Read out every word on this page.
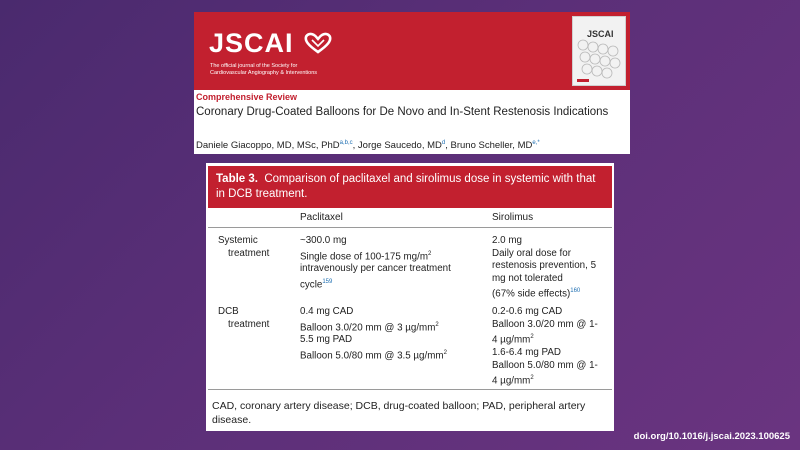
JSCAI
The official journal of the Society for
Cardiovascular Angiography & Interventions
JSCAI
Comprehensive Review
Coronary Drug-Coated Balloons for De Novo and In-Stent Restenosis Indications
Daniele Giacoppo, MD, MSc, PhD$^{a,b,c}$, Jorge Saucedo, $MD^d$, Bruno Scheller, $MD^{e,*}$
Table 3. Comparison of paclitaxel and sirolimus dose in systemic with that in DCB treatment.
Paclitaxel	Sirolimus
Systemic
treatment
~300.0 mg
Single dose of 100-175 $mg/m^2$
intravenously per cancer treatment
cycle$^{159}$
2.0 mg
Daily oral dose for
restenosis prevention, 5
mg not tolerated
(67% side effects)$^{160}$
DCB
treatment
0.4 mg CAD
Balloon 3.0/20 mm @ 3 $\mu g/mm^2$
5.5 mg PAD
Balloon 5.0/80 mm @ 3.5 $\mu g/mm^2$
0.2-0.6 mg CAD
Balloon 3.0/20 mm @ 1-
4 $\mu g/mm^2$
1.6-6.4 mg PAD
Balloon 5.0/80 mm @ 1-
4 $\mu g/mm^2$
CAD, coronary artery disease; DCB, drug-coated balloon; PAD, peripheral artery disease.
doi.org/10.1016/j.jscai.2023.100625
